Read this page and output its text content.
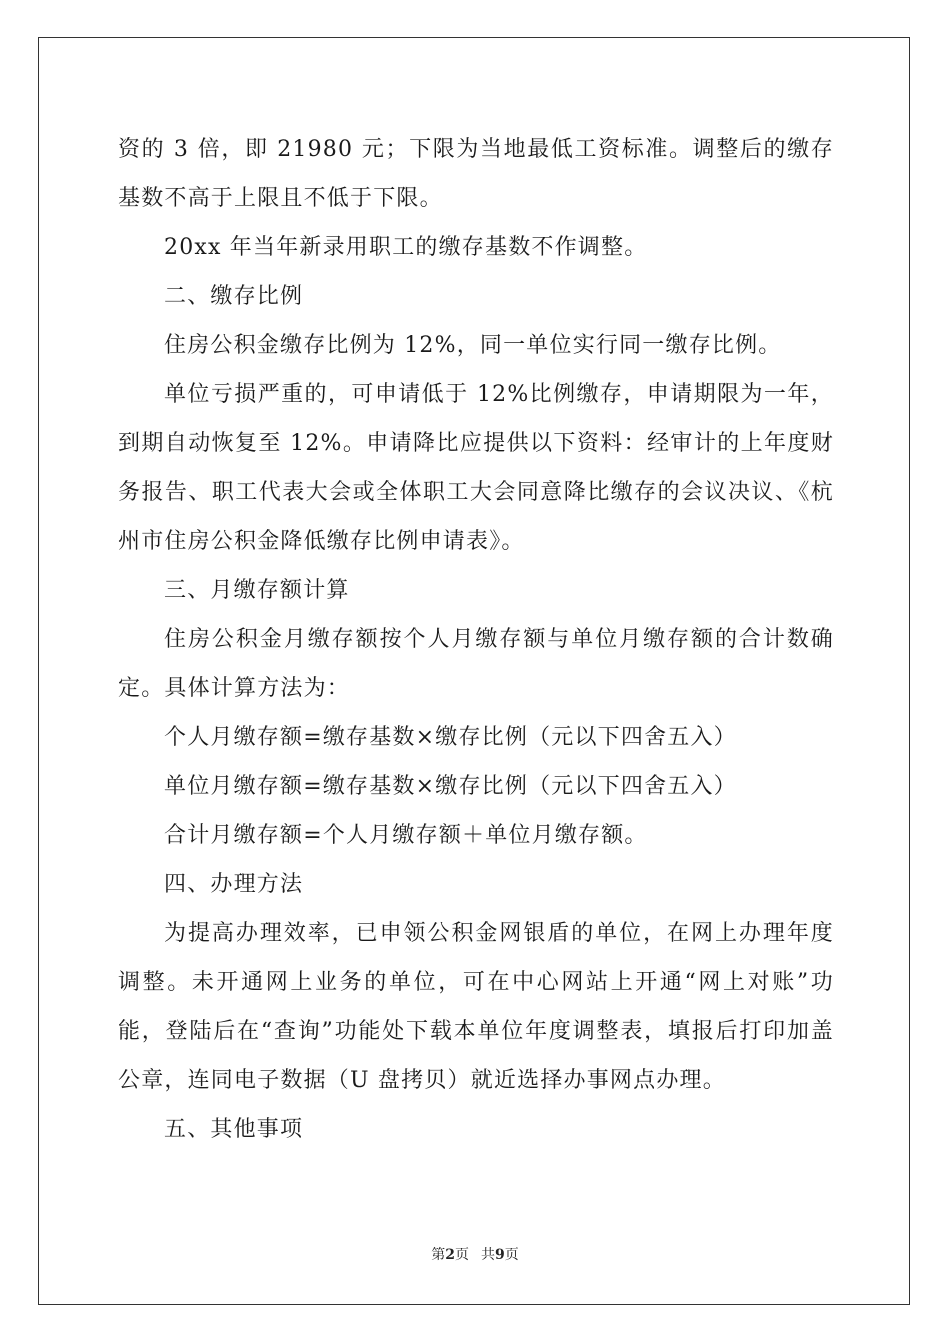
资的 3 倍，即 21980 元；下限为当地最低工资标准。调整后的缴存基数不高于上限且不低于下限。

20xx 年当年新录用职工的缴存基数不作调整。

二、缴存比例

住房公积金缴存比例为 12%，同一单位实行同一缴存比例。

单位亏损严重的，可申请低于 12%比例缴存，申请期限为一年，到期自动恢复至 12%。申请降比应提供以下资料：经审计的上年度财务报告、职工代表大会或全体职工大会同意降比缴存的会议决议、《杭州市住房公积金降低缴存比例申请表》。

三、月缴存额计算

住房公积金月缴存额按个人月缴存额与单位月缴存额的合计数确定。具体计算方法为：

个人月缴存额=缴存基数×缴存比例（元以下四舍五入）

单位月缴存额=缴存基数×缴存比例（元以下四舍五入）

合计月缴存额=个人月缴存额＋单位月缴存额。

四、办理方法

为提高办理效率，已申领公积金网银盾的单位，在网上办理年度调整。未开通网上业务的单位，可在中心网站上开通“网上对账”功能，登陆后在“查询”功能处下载本单位年度调整表，填报后打印加盖公章，连同电子数据（U 盘拷贝）就近选择办事网点办理。

五、其他事项

第2页 共9页
